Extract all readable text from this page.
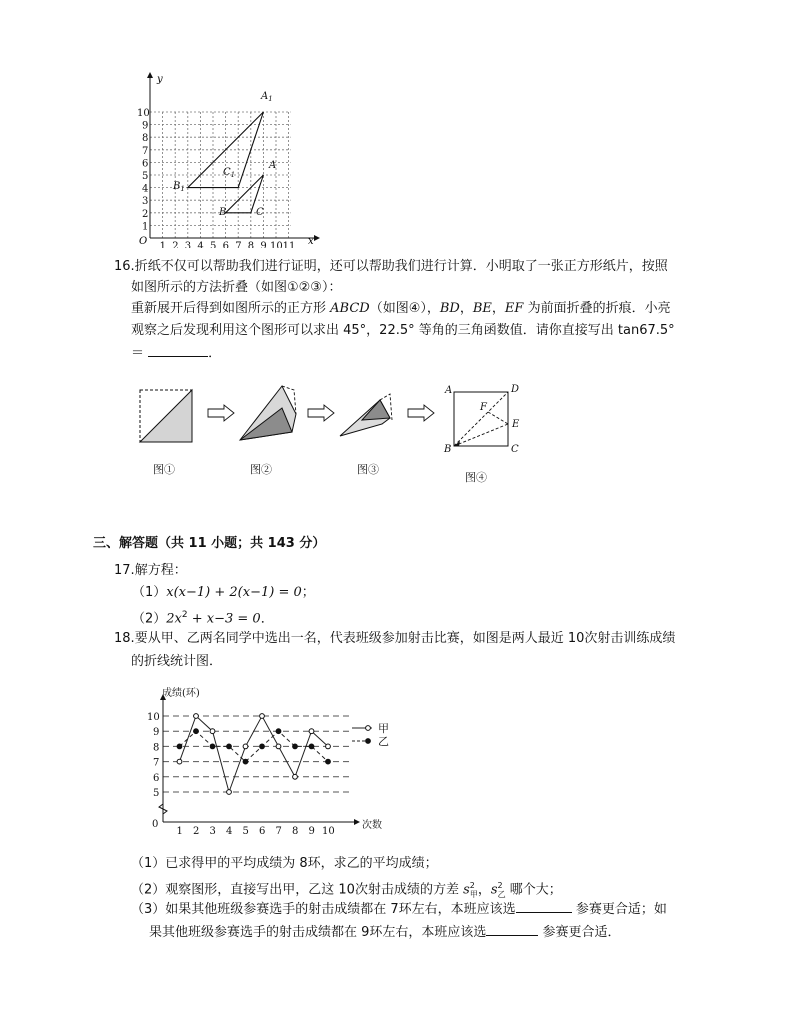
1 2 3 4 5 6 7 8 9 10 11
1
2
3
4
5
6
7
8
9
10
y
x
O
$A_1$
$B_1$
$C_1$
A
B	C
16.折纸不仅可以帮助我们进行证明，还可以帮助我们进行计算．小明取了一张正方形纸片，按照
如图所示的方法折叠（如图①②③）：
重新展开后得到如图所示的正方形 ABCD（如图④），BD，BE，EF 为前面折叠的折痕．小亮
观察之后发现利用这个图形可以求出 45°，22.5° 等角的三角函数值．请你直接写出 tan67.5°
＝	．
A	D
B	C
E
F
图①	图②	图③
图④
三、解答题（共 11 小题；共 143 分）
17.解方程：
（1）x(x−1) + 2(x−1) = 0；
$(2)2x^2 + x-3 = 0$．
18.要从甲、乙两名同学中选出一名，代表班级参加射击比赛，如图是两人最近 10次射击训练成绩
的折线统计图．
成绩(环)
次数
0
5
6
7
8
9
10
1 2 3 4 5 6 7 8 9 10
甲
乙
（1）已求得甲的平均成绩为 8环，求乙的平均成绩；
（2）观察图形，直接写出甲，乙这 10次射击成绩的方差 $s^2_甲$，$s^2_乙$ 哪个大；
（3）如果其他班级参赛选手的射击成绩都在 7环左右，本班应该选	参赛更合适；如
果其他班级参赛选手的射击成绩都在 9环左右，本班应该选	参赛更合适．
